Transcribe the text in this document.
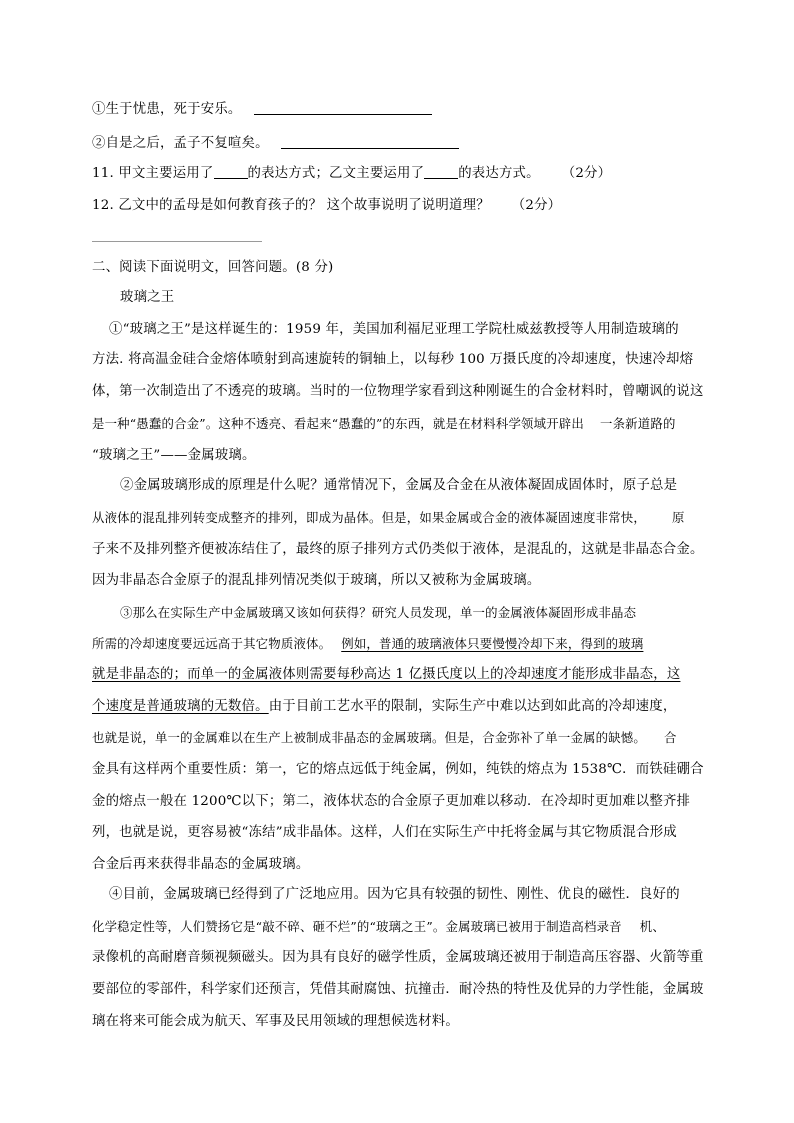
①生于忧患，死于安乐。
②自是之后，孟子不复喧矣。
11. 甲文主要运用了	的表达方式；乙文主要运用了	的表达方式。 （2分）
12. 乙文中的孟母是如何教育孩子的？ 这个故事说明了说明道理？ （2分）
二、阅读下面说明文，回答问题。(8 分)
玻璃之王
①“玻璃之王”是这样诞生的：1959 年，美国加利福尼亚理工学院杜威兹教授等人用制造玻璃的
方法. 将高温金硅合金熔体喷射到高速旋转的铜轴上，以每秒 100 万摄氏度的冷却速度，快速冷却熔
体，第一次制造出了不透亮的玻璃。当时的一位物理学家看到这种刚诞生的合金材料时，曾嘲讽的说这
是一种“愚蠢的合金”。这种不透亮、看起来“愚蠢的”的东西，就是在材料科学领域开辟出 一条新道路的
“玻璃之王”——金属玻璃。
②金属玻璃形成的原理是什么呢？通常情况下，金属及合金在从液体凝固成固体时，原子总是
从液体的混乱排列转变成整齐的排列，即成为晶体。但是，如果金属或合金的液体凝固速度非常快， 原
子来不及排列整齐便被冻结住了，最终的原子排列方式仍类似于液体，是混乱的，这就是非晶态合金。
因为非晶态合金原子的混乱排列情况类似于玻璃，所以又被称为金属玻璃。
③那么在实际生产中金属玻璃又该如何获得？研究人员发现，单一的金属液体凝固形成非晶态
所需的冷却速度要远远高于其它物质液体。 例如，普通的玻璃液体只要慢慢冷却下来，得到的玻璃
就是非晶态的；而单一的金属液体则需要每秒高达 1 亿摄氏度以上的冷却速度才能形成非晶态，这
个速度是普通玻璃的无数倍。由于目前工艺水平的限制，实际生产中难以达到如此高的冷却速度，
也就是说，单一的金属难以在生产上被制成非晶态的金属玻璃。但是，合金弥补了单一金属的缺憾。 合
金具有这样两个重要性质：第一，它的熔点远低于纯金属，例如，纯铁的熔点为 1538℃．而铁硅硼合
金的熔点一般在 1200℃以下；第二，液体状态的合金原子更加难以移动．在冷却时更加难以整齐排
列，也就是说，更容易被“冻结”成非晶体。这样，人们在实际生产中托将金属与其它物质混合形成
合金后再来获得非晶态的金属玻璃。
④目前，金属玻璃已经得到了广泛地应用。因为它具有较强的韧性、刚性、优良的磁性．良好的
化学稳定性等，人们赞扬它是“敲不碎、砸不烂”的“玻璃之王”。金属玻璃已被用于制造高档录音 机、
录像机的高耐磨音频视频磁头。因为具有良好的磁学性质，金属玻璃还被用于制造高压容器、火箭等重
要部位的零部件，科学家们还预言，凭借其耐腐蚀、抗撞击．耐冷热的特性及优异的力学性能，金属玻
璃在将来可能会成为航天、军事及民用领域的理想候选材料。
